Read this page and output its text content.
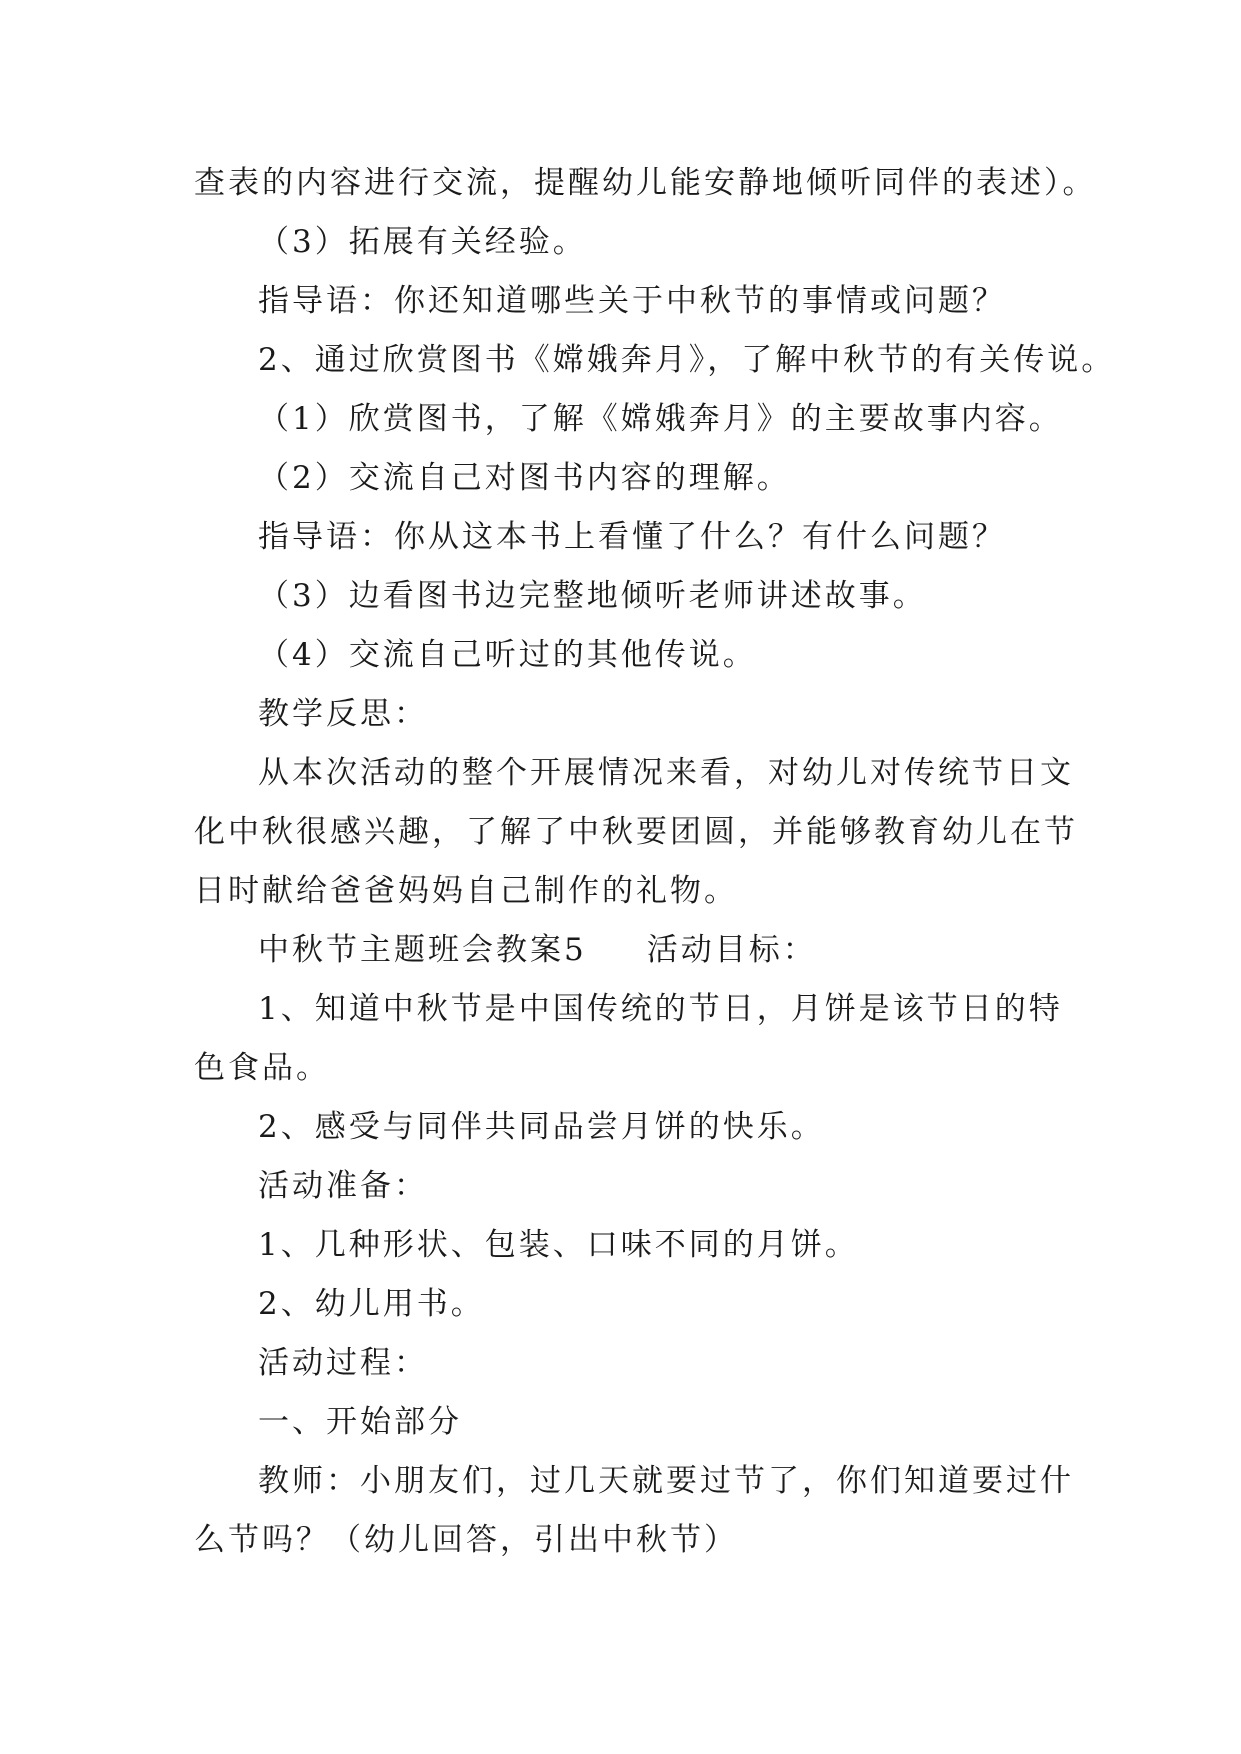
查表的内容进行交流，提醒幼儿能安静地倾听同伴的表述）。

（3）拓展有关经验。

指导语：你还知道哪些关于中秋节的事情或问题？

2、通过欣赏图书《嫦娥奔月》，了解中秋节的有关传说。

（1）欣赏图书，了解《嫦娥奔月》的主要故事内容。

（2）交流自己对图书内容的理解。

指导语：你从这本书上看懂了什么？有什么问题？

（3）边看图书边完整地倾听老师讲述故事。

（4）交流自己听过的其他传说。

教学反思：

从本次活动的整个开展情况来看，对幼儿对传统节日文

化中秋很感兴趣，了解了中秋要团圆，并能够教育幼儿在节

日时献给爸爸妈妈自己制作的礼物。

中秋节主题班会教案5 活动目标：

1、知道中秋节是中国传统的节日，月饼是该节日的特

色食品。

2、感受与同伴共同品尝月饼的快乐。

活动准备：

1、几种形状、包装、口味不同的月饼。

2、幼儿用书。

活动过程：

一、开始部分

教师：小朋友们，过几天就要过节了，你们知道要过什

么节吗？（幼儿回答，引出中秋节）
